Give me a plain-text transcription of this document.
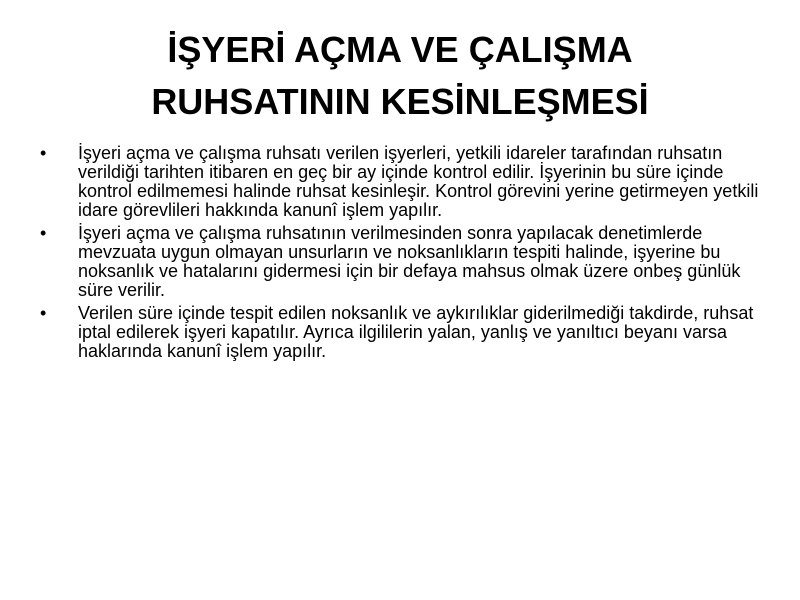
İŞYERİ AÇMA VE ÇALIŞMA
RUHSATININ KESİNLEŞMESİ
•	İşyeri açma ve çalışma ruhsatı verilen işyerleri, yetkili idareler tarafından ruhsatın verildiği tarihten itibaren en geç bir ay içinde kontrol edilir. İşyerinin bu süre içinde kontrol edilmemesi halinde ruhsat kesinleşir. Kontrol görevini yerine getirmeyen yetkili idare görevlileri hakkında kanunî işlem yapılır.
•	İşyeri açma ve çalışma ruhsatının verilmesinden sonra yapılacak denetimlerde mevzuata uygun olmayan unsurların ve noksanlıkların tespiti halinde, işyerine bu noksanlık ve hatalarını gidermesi için bir defaya mahsus olmak üzere onbeş günlük süre verilir.
•	Verilen süre içinde tespit edilen noksanlık ve aykırılıklar giderilmediği takdirde, ruhsat iptal edilerek işyeri kapatılır. Ayrıca ilgililerin yalan, yanlış ve yanıltıcı beyanı varsa haklarında kanunî işlem yapılır.
